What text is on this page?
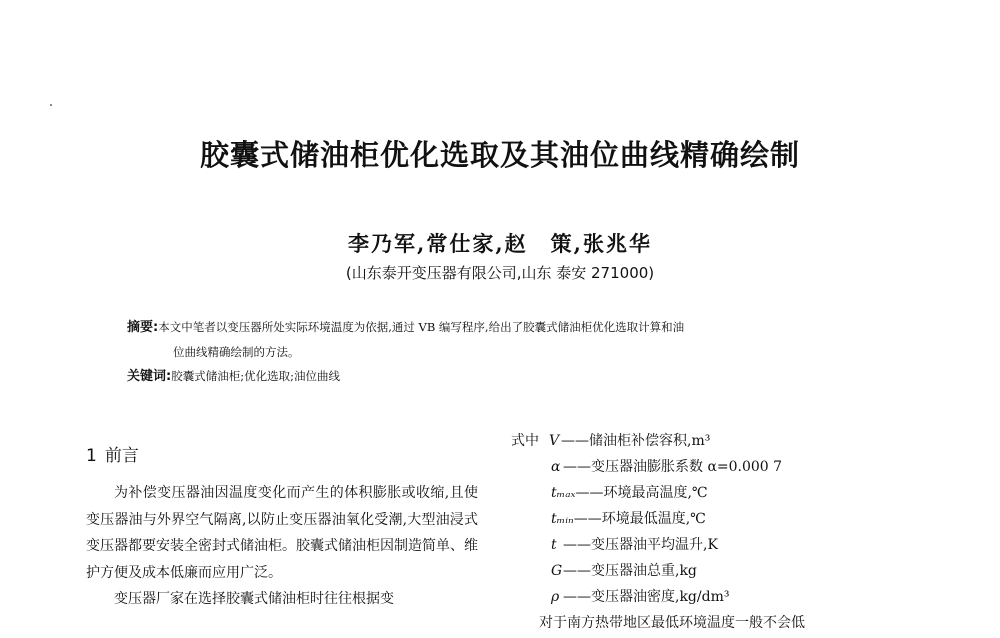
胶囊式储油柜优化选取及其油位曲线精确绘制
李乃军,常仕家,赵　策,张兆华
(山东泰开变压器有限公司,山东 泰安 271000)
摘要:本文中笔者以变压器所处实际环境温度为依据,通过 VB 编写程序,给出了胶囊式储油柜优化选取计算和油
位曲线精确绘制的方法。
关键词:胶囊式储油柜;优化选取;油位曲线
1 前言

为补偿变压器油因温度变化而产生的体积膨胀或收缩,且使变压器油与外界空气隔离,以防止变压器油氧化受潮,大型油浸式变压器都要安装全密封式储油柜。胶囊式储油柜因制造简单、维护方便及成本低廉而应用广泛。

变压器厂家在选择胶囊式储油柜时往往根据变

式中 V ——储油柜补偿容积,m³
α ——变压器油膨胀系数 α=0.000 7
tₘₐₓ——环境最高温度,℃
tₘᵢₙ——环境最低温度,℃
t ——变压器油平均温升,K
G——变压器油总重,kg
ρ ——变压器油密度,kg/dm³
对于南方热带地区最低环境温度一般不会低
